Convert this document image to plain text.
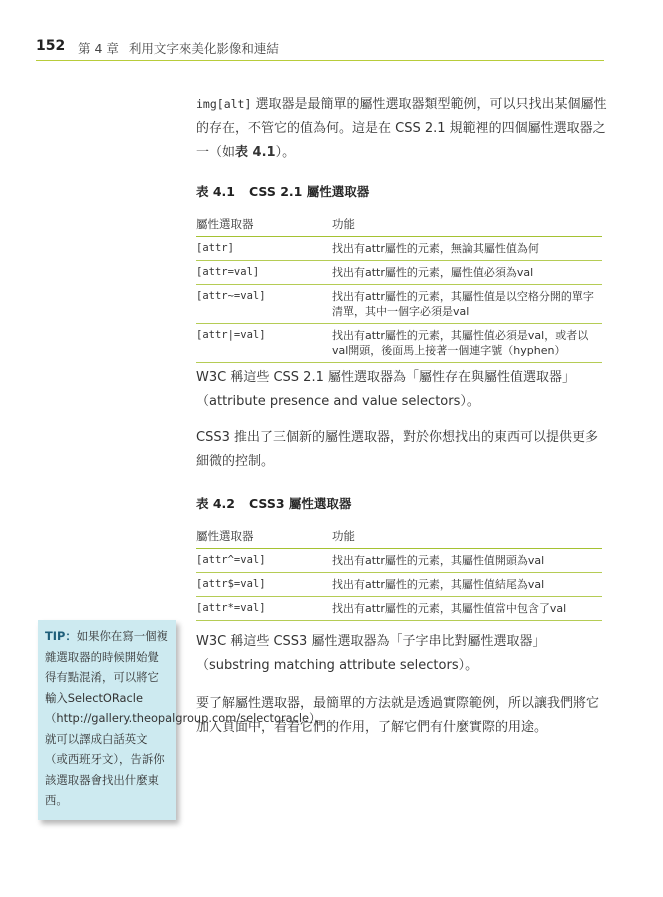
152 第 4 章 利用文字來美化影像和連結

img[alt] 選取器是最簡單的屬性選取器類型範例，可以只找出某個屬性的存在，不管它的值為何。這是在 CSS 2.1 規範裡的四個屬性選取器之一（如表 4.1）。

表 4.1 CSS 2.1 屬性選取器
屬性選取器	功能
[attr]	找出有attr屬性的元素，無論其屬性值為何
[attr=val]	找出有attr屬性的元素，屬性值必須為val
[attr~=val]	找出有attr屬性的元素，其屬性值是以空格分開的單字清單，其中一個字必須是val
[attr|=val]	找出有attr屬性的元素，其屬性值必須是val，或者以val開頭，後面馬上接著一個連字號（hyphen）

W3C 稱這些 CSS 2.1 屬性選取器為「屬性存在與屬性值選取器」（attribute presence and value selectors）。

CSS3 推出了三個新的屬性選取器，對於你想找出的東西可以提供更多細微的控制。

表 4.2 CSS3 屬性選取器
屬性選取器	功能
[attr^=val]	找出有attr屬性的元素，其屬性值開頭為val
[attr$=val]	找出有attr屬性的元素，其屬性值結尾為val
[attr*=val]	找出有attr屬性的元素，其屬性值當中包含了val

W3C 稱這些 CSS3 屬性選取器為「子字串比對屬性選取器」（substring matching attribute selectors）。

要了解屬性選取器，最簡單的方法就是透過實際範例，所以讓我們將它加入頁面中，看看它們的作用，了解它們有什麼實際的用途。

TIP：如果你在寫一個複雜選取器的時候開始覺得有點混淆，可以將它輸入SelectORacle（http://gallery.theopalgroup.com/selectoracle），就可以譯成白話英文（或西班牙文），告訴你該選取器會找出什麼東西。
